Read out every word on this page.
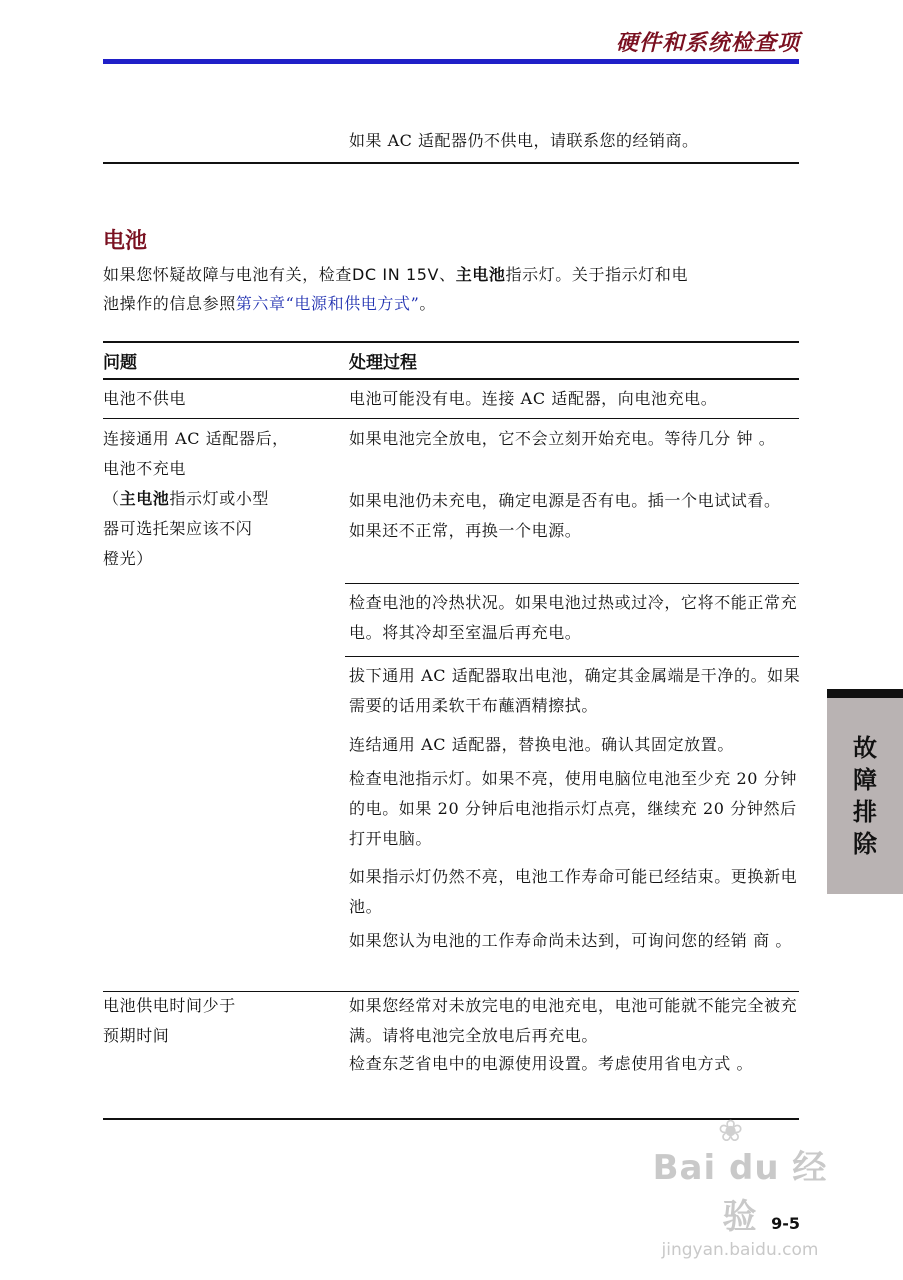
硬件和系统检查项
如果 AC 适配器仍不供电，请联系您的经销商。
电池
如果您怀疑故障与电池有关，检查DC IN 15V、主电池指示灯。关于指示灯和电
池操作的信息参照第六章“电源和供电方式”。
问题	处理过程
电池不供电	电池可能没有电。连接 AC 适配器，向电池充电。
连接通用 AC 适配器后，
电池不充电
（主电池指示灯或小型
器可选托架应该不闪
橙光）
如果电池完全放电，它不会立刻开始充电。等待几分 钟 。
如果电池仍未充电，确定电源是否有电。插一个电试试看。如果还不正常，再换一个电源。
检查电池的冷热状况。如果电池过热或过冷，它将不能正常充电。将其冷却至室温后再充电。
拔下通用 AC 适配器取出电池，确定其金属端是干净的。如果需要的话用柔软干布蘸酒精擦拭。
连结通用 AC 适配器，替换电池。确认其固定放置。
检查电池指示灯。如果不亮，使用电脑位电池至少充 20 分钟的电。如果 20 分钟后电池指示灯点亮，继续充 20 分钟然后打开电脑。
如果指示灯仍然不亮，电池工作寿命可能已经结束。更换新电池。
如果您认为电池的工作寿命尚未达到，可询问您的经销 商 。
电池供电时间少于
预期时间
如果您经常对未放完电的电池充电，电池可能就不能完全被充满。请将电池完全放电后再充电。
检查东芝省电中的电源使用设置。考虑使用省电方式 。
故
障
排
除
❀
Bai du 经验
jingyan.baidu.com
9-5
